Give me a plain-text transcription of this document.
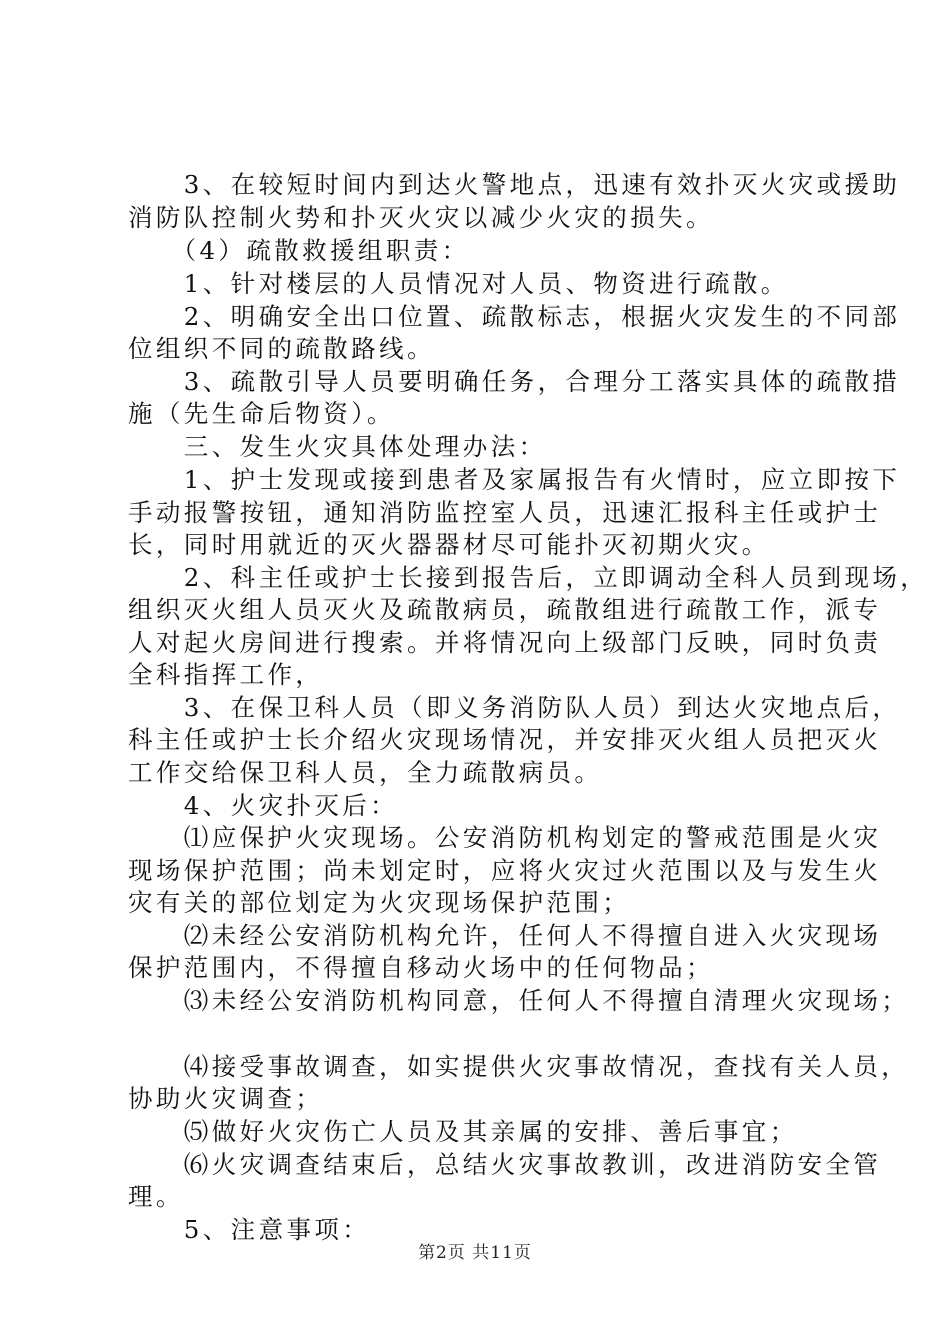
　　3、在较短时间内到达火警地点，迅速有效扑灭火灾或援助
消防队控制火势和扑灭火灾以减少火灾的损失。
　　（4）疏散救援组职责：
　　1、针对楼层的人员情况对人员、物资进行疏散。
　　2、明确安全出口位置、疏散标志，根据火灾发生的不同部
位组织不同的疏散路线。
　　3、疏散引导人员要明确任务，合理分工落实具体的疏散措
施（先生命后物资）。
　　三、发生火灾具体处理办法：
　　1、护士发现或接到患者及家属报告有火情时，应立即按下
手动报警按钮，通知消防监控室人员，迅速汇报科主任或护士
长，同时用就近的灭火器器材尽可能扑灭初期火灾。
　　2、科主任或护士长接到报告后，立即调动全科人员到现场，
组织灭火组人员灭火及疏散病员，疏散组进行疏散工作，派专
人对起火房间进行搜索。并将情况向上级部门反映，同时负责
全科指挥工作，
　　3、在保卫科人员（即义务消防队人员）到达火灾地点后，
科主任或护士长介绍火灾现场情况，并安排灭火组人员把灭火
工作交给保卫科人员，全力疏散病员。
　　4、火灾扑灭后：
　　⑴应保护火灾现场。公安消防机构划定的警戒范围是火灾
现场保护范围；尚未划定时，应将火灾过火范围以及与发生火
灾有关的部位划定为火灾现场保护范围；
　　⑵未经公安消防机构允许，任何人不得擅自进入火灾现场
保护范围内，不得擅自移动火场中的任何物品；
　　⑶未经公安消防机构同意，任何人不得擅自清理火灾现场；
　　⑷接受事故调查，如实提供火灾事故情况，查找有关人员，
协助火灾调查；
　　⑸做好火灾伤亡人员及其亲属的安排、善后事宜；
　　⑹火灾调查结束后，总结火灾事故教训，改进消防安全管
理。
　　5、注意事项：
第2页 共11页
